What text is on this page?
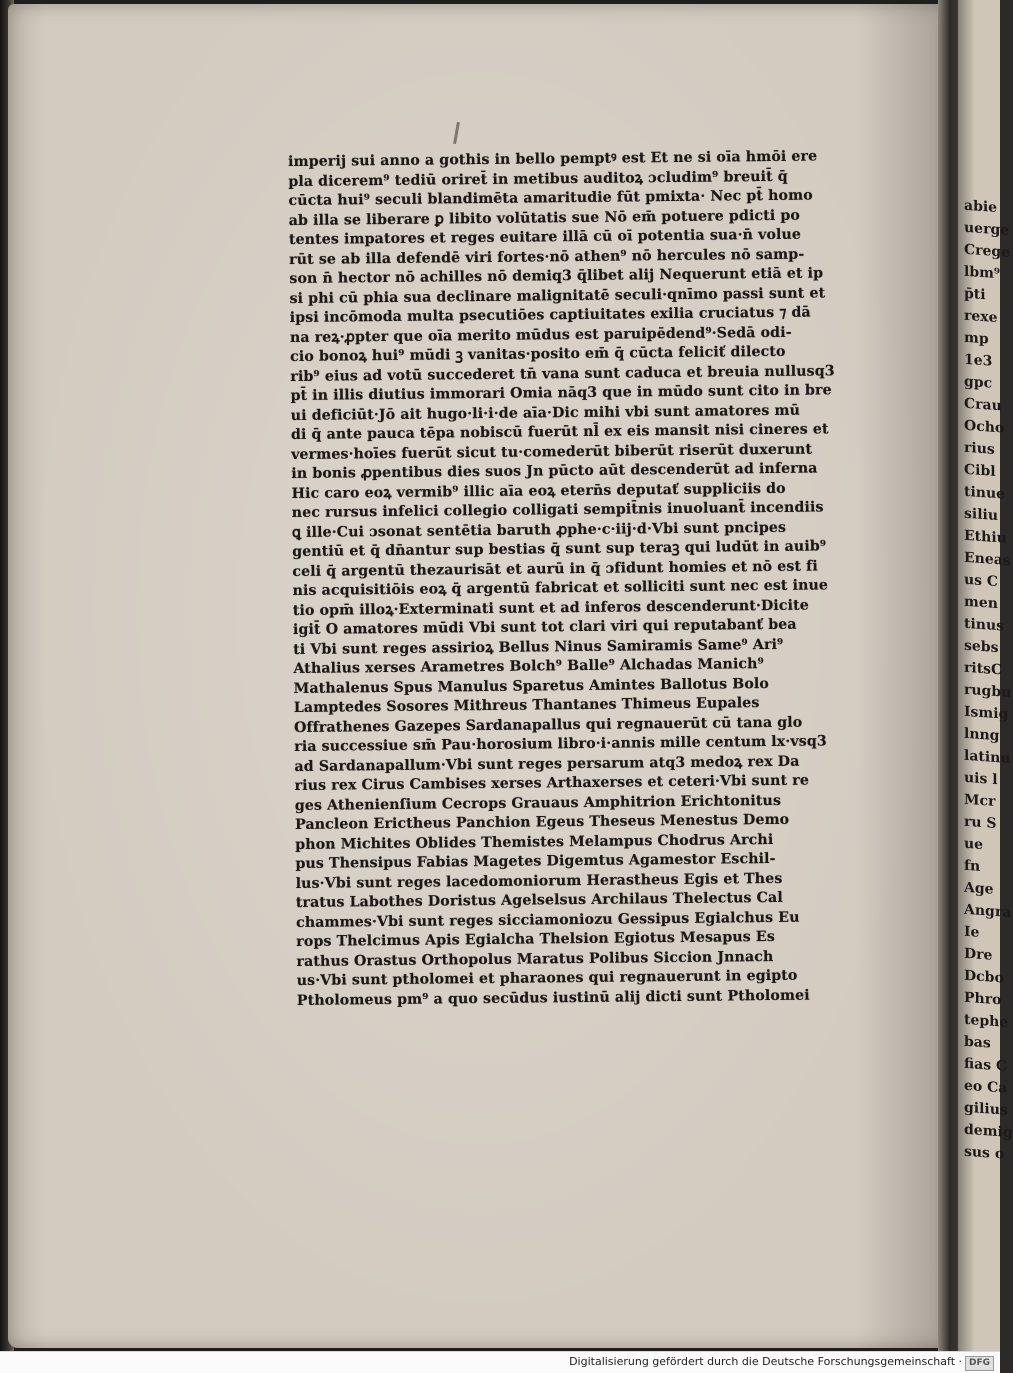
imperij sui anno a gothis in bello pemptꝰ est Et ne si oīa hmōi ere
pla dicerem⁹ tediū oriret̄ in metibus auditoꝝ ɔcludim⁹ breuit̄ q̄
cūcta hui⁹ seculi blandimēta amaritudie fūt pmixta· Nec pt̄ homo
ab illa se liberare ꝑ libito volūtatis sue Nō em̄ potuere pdicti po
tentes impatores et reges euitare illā cū oī potentia sua·n̄ volue
rūt se ab illa defendē viri fortes·nō athen⁹ nō hercules nō samp-
son n̄ hector nō achilles nō demiq3 q̄libet alij Nequerunt etiā et ip
si phi cū phia sua declinare malignitatē seculi·qnīmo passi sunt et
ipsi incōmoda multa psecutiōes captiuitates exilia cruciatus ⁊ dā
na reꝝ·ꝓpter que oīa merito mūdus est paruipēdend⁹·Sedā odi-
cio bonoꝝ hui⁹ mūdi ꝫ vanitas·posito em̄ q̄ cūcta feliciť dilecto
rib⁹ eius ad votū succederet tn̄ vana sunt caduca et breuia nullusq3
pt̄ in illis diutius immorari Omia nāq3 que in mūdo sunt cito in bre
ui deficiūt·Jō ait hugo·li·i·de aīa·Dic mihi vbi sunt amatores mū
di q̄ ante pauca tēpa nobiscū fuerūt nl̄ ex eis mansit nisi cineres et
vermes·hoīes fuerūt sicut tu·comederūt biberūt riserūt duxerunt
in bonis ꝓpentibus dies suos Jn pūcto aūt descenderūt ad inferna
Hic caro eoꝝ vermib⁹ illic aīa eoꝝ etern̄s deputať suppliciis do
nec rursus infelici collegio colligati sempit̄nis inuoluant̄ incendiis
ꝗ ille·Cui ɔsonat sentētia baruth ꝓphe·c·iij·d·Vbi sunt pncipes
gentiū et q̄ dn̄antur sup bestias q̄ sunt sup teraꝫ qui ludūt in auib⁹
celi q̄ argentū thezaurisāt et aurū in q̄ ɔfidunt homies et nō est fi
nis acquisitiōis eoꝝ q̄ argentū fabricat et solliciti sunt nec est inue
tio opm̄ illoꝝ·Exterminati sunt et ad inferos descenderunt·Dicite
igit̄ O amatores mūdi Vbi sunt tot clari viri qui reputabanť bea
ti Vbi sunt reges assirioꝝ Bellus Ninus Samiramis Same⁹ Ari⁹
Athalius xerses Arametres Bolch⁹ Balle⁹ Alchadas Manich⁹
Mathalenus Spus Manulus Sparetus Amintes Ballotus Bolo
Lamptedes Sosores Mithreus Thantanes Thimeus Eupales
Offrathenes Gazepes Sardanapallus qui regnauerūt cū tana glo
ria successiue sm̄ Pau·horosium libro·i·annis mille centum lx·vsq3
ad Sardanapallum·Vbi sunt reges persarum atq3 medoꝝ rex Da
rius rex Cirus Cambises xerses Arthaxerses et ceteri·Vbi sunt re
ges Athenienſium Cecrops Grauaus Amphitrion Erichtonitus
Pancleon Ericthеus Panchion Egeus Theseus Menestus Demo
phon Michites Oblides Themistes Melampus Chodrus Archi
pus Thensipus Fabias Magetes Digemtus Agamestor Eschil-
lus·Vbi sunt reges lacedomoniorum Herasthеus Egis et Thes
tratus Labothes Doristus Agelselsus Archilaus Thelectus Cal
chammes·Vbi sunt reges sicciamoniozu Gessipus Egialchus Eu
rops Thelcimus Apis Egialcha Thelsion Egiotus Mesapus Es
rathus Orastus Orthopolus Maratus Polibus Siccion Jnnach
us·Vbi sunt ptholomei et pharaones qui regnauerunt in egipto
Ptholomeus pm⁹ a quo secūdus iustinū alij dicti sunt Ptholomei
abie
uerge
Crege
lbm⁹
p̄ti
rexe
mp
1e3
gpc
Crau
Ocho
rius
Cibl
tinue
siliu
Ethiu
Eneas
us C
men
tinus
sebs
ritsC
rugbu
Ismig
lnng
latinu
uis l
Mcr
ru S
ue
fn
Age
Angra
Ie
Dre
Dcbo
Phro
tephe
bas
fias C
eo Ca
gilius
demig
sus o
Digitalisierung gefördert durch die Deutsche Forschungsgemeinschaft · DFG
